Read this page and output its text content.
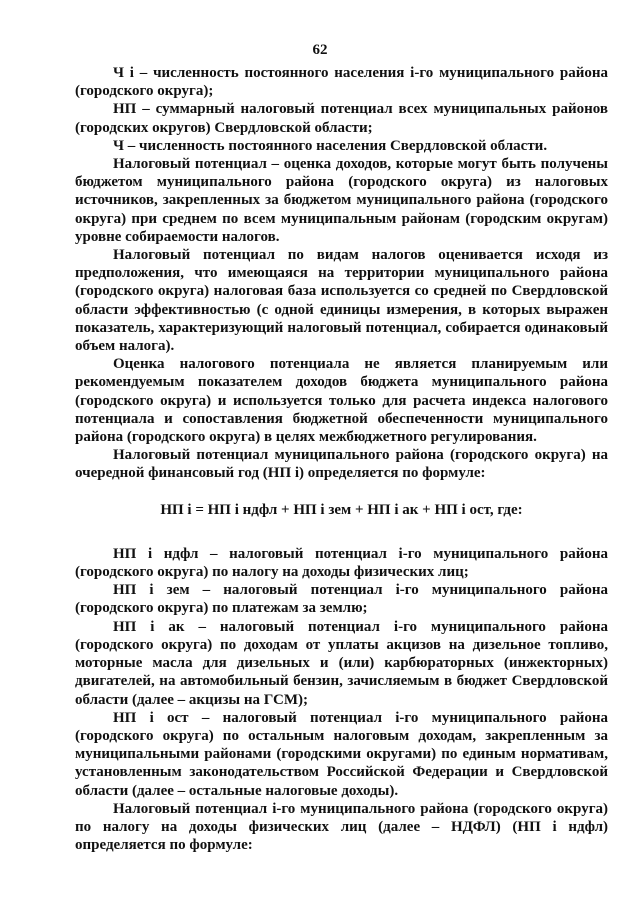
62

Ч i – численность постоянного населения i-го муниципального района (городского округа);

НП – суммарный налоговый потенциал всех муниципальных районов (городских округов) Свердловской области;

Ч – численность постоянного населения Свердловской области.

Налоговый потенциал – оценка доходов, которые могут быть получены бюджетом муниципального района (городского округа) из налоговых источников, закрепленных за бюджетом муниципального района (городского округа) при среднем по всем муниципальным районам (городским округам) уровне собираемости налогов.

Налоговый потенциал по видам налогов оценивается исходя из предположения, что имеющаяся на территории муниципального района (городского округа) налоговая база используется со средней по Свердловской области эффективностью (с одной единицы измерения, в которых выражен показатель, характеризующий налоговый потенциал, собирается одинаковый объем налога).

Оценка налогового потенциала не является планируемым или рекомендуемым показателем доходов бюджета муниципального района (городского округа) и используется только для расчета индекса налогового потенциала и сопоставления бюджетной обеспеченности муниципального района (городского округа) в целях межбюджетного регулирования.

Налоговый потенциал муниципального района (городского округа) на очередной финансовый год (НП i) определяется по формуле:

НП i = НП i ндфл + НП i зем + НП i ак + НП i ост, где:

НП i ндфл – налоговый потенциал i-го муниципального района (городского округа) по налогу на доходы физических лиц;

НП i зем – налоговый потенциал i-го муниципального района (городского округа) по платежам за землю;

НП i ак – налоговый потенциал i-го муниципального района (городского округа) по доходам от уплаты акцизов на дизельное топливо, моторные масла для дизельных и (или) карбюраторных (инжекторных) двигателей, на автомобильный бензин, зачисляемым в бюджет Свердловской области (далее – акцизы на ГСМ);

НП i ост – налоговый потенциал i-го муниципального района (городского округа) по остальным налоговым доходам, закрепленным за муниципальными районами (городскими округами) по единым нормативам, установленным законодательством Российской Федерации и Свердловской области (далее – остальные налоговые доходы).

Налоговый потенциал i-го муниципального района (городского округа) по налогу на доходы физических лиц (далее – НДФЛ) (НП i ндфл) определяется по формуле:
